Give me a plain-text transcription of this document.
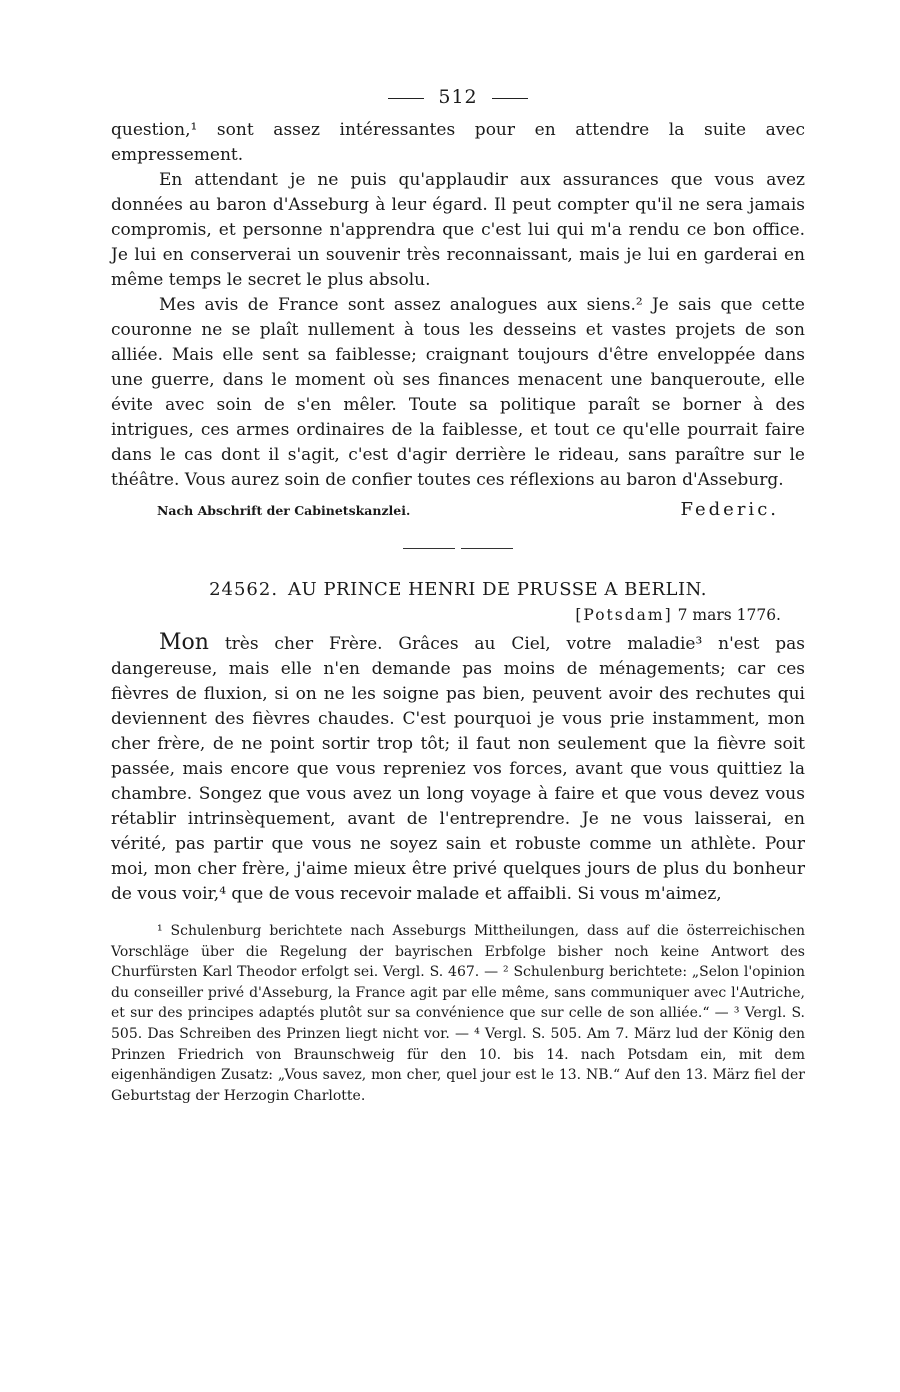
512

question,¹ sont assez intéressantes pour en attendre la suite avec empressement.

En attendant je ne puis qu'applaudir aux assurances que vous avez données au baron d'Asseburg à leur égard. Il peut compter qu'il ne sera jamais compromis, et personne n'apprendra que c'est lui qui m'a rendu ce bon office. Je lui en conserverai un souvenir très reconnaissant, mais je lui en garderai en même temps le secret le plus absolu.

Mes avis de France sont assez analogues aux siens.² Je sais que cette couronne ne se plaît nullement à tous les desseins et vastes projets de son alliée. Mais elle sent sa faiblesse; craignant toujours d'être enveloppée dans une guerre, dans le moment où ses finances menacent une banqueroute, elle évite avec soin de s'en mêler. Toute sa politique paraît se borner à des intrigues, ces armes ordinaires de la faiblesse, et tout ce qu'elle pourrait faire dans le cas dont il s'agit, c'est d'agir derrière le rideau, sans paraître sur le théâtre. Vous aurez soin de confier toutes ces réflexions au baron d'Asseburg.

Nach Abschrift der Cabinetskanzlei.	Federic.
24562. AU PRINCE HENRI DE PRUSSE A BERLIN.
[Potsdam] 7 mars 1776.

Mon très cher Frère. Grâces au Ciel, votre maladie³ n'est pas dangereuse, mais elle n'en demande pas moins de ménagements; car ces fièvres de fluxion, si on ne les soigne pas bien, peuvent avoir des rechutes qui deviennent des fièvres chaudes. C'est pourquoi je vous prie instamment, mon cher frère, de ne point sortir trop tôt; il faut non seulement que la fièvre soit passée, mais encore que vous repreniez vos forces, avant que vous quittiez la chambre. Songez que vous avez un long voyage à faire et que vous devez vous rétablir intrinsèquement, avant de l'entreprendre. Je ne vous laisserai, en vérité, pas partir que vous ne soyez sain et robuste comme un athlète. Pour moi, mon cher frère, j'aime mieux être privé quelques jours de plus du bonheur de vous voir,⁴ que de vous recevoir malade et affaibli. Si vous m'aimez,

¹ Schulenburg berichtete nach Asseburgs Mittheilungen, dass auf die österreichischen Vorschläge über die Regelung der bayrischen Erbfolge bisher noch keine Antwort des Churfürsten Karl Theodor erfolgt sei. Vergl. S. 467. — ² Schulenburg berichtete: „Selon l'opinion du conseiller privé d'Asseburg, la France agit par elle même, sans communiquer avec l'Autriche, et sur des principes adaptés plutôt sur sa convénience que sur celle de son alliée.“ — ³ Vergl. S. 505. Das Schreiben des Prinzen liegt nicht vor. — ⁴ Vergl. S. 505. Am 7. März lud der König den Prinzen Friedrich von Braunschweig für den 10. bis 14. nach Potsdam ein, mit dem eigenhändigen Zusatz: „Vous savez, mon cher, quel jour est le 13. NB.“ Auf den 13. März fiel der Geburtstag der Herzogin Charlotte.
